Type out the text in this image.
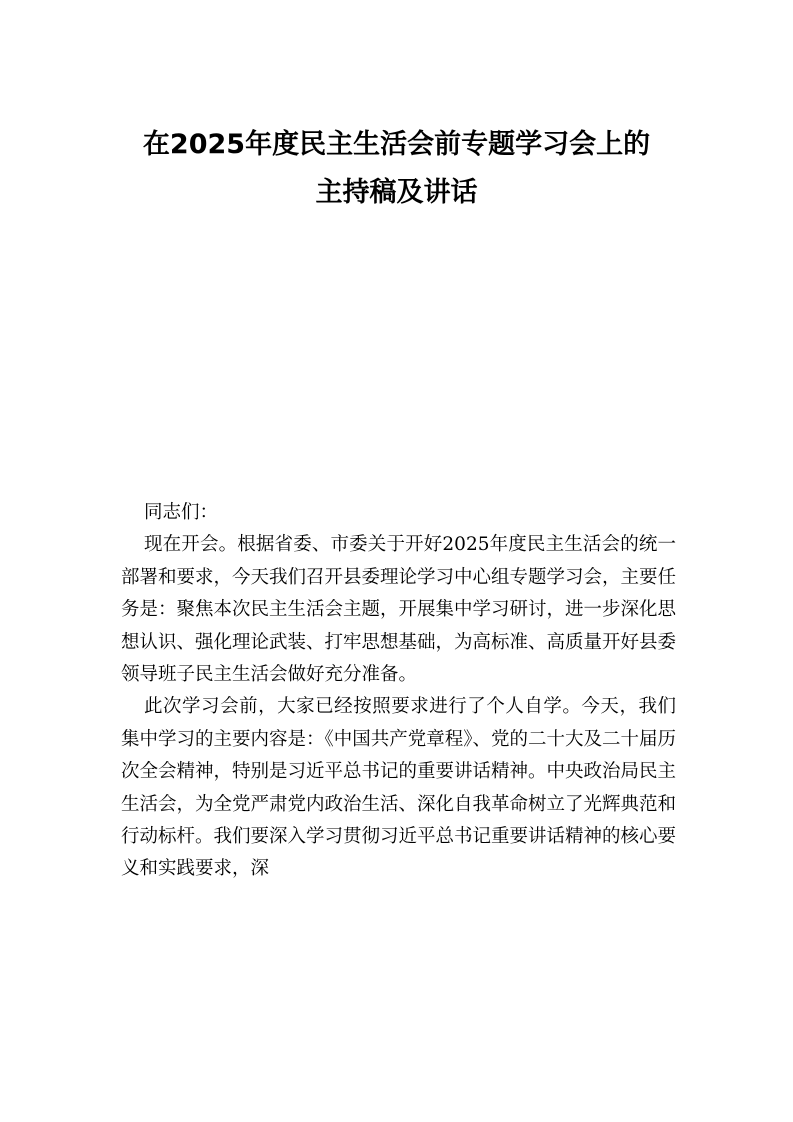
在2025年度民主生活会前专题学习会上的
主持稿及讲话

同志们：

现在开会。根据省委、市委关于开好2025年度民主生活会的统一部署和要求，今天我们召开县委理论学习中心组专题学习会，主要任务是：聚焦本次民主生活会主题，开展集中学习研讨，进一步深化思想认识、强化理论武装、打牢思想基础，为高标准、高质量开好县委领导班子民主生活会做好充分准备。

此次学习会前，大家已经按照要求进行了个人自学。今天，我们集中学习的主要内容是：《中国共产党章程》、党的二十大及二十届历次全会精神，特别是习近平总书记的重要讲话精神。中央政治局民主生活会，为全党严肃党内政治生活、深化自我革命树立了光辉典范和行动标杆。我们要深入学习贯彻习近平总书记重要讲话精神的核心要义和实践要求，深
